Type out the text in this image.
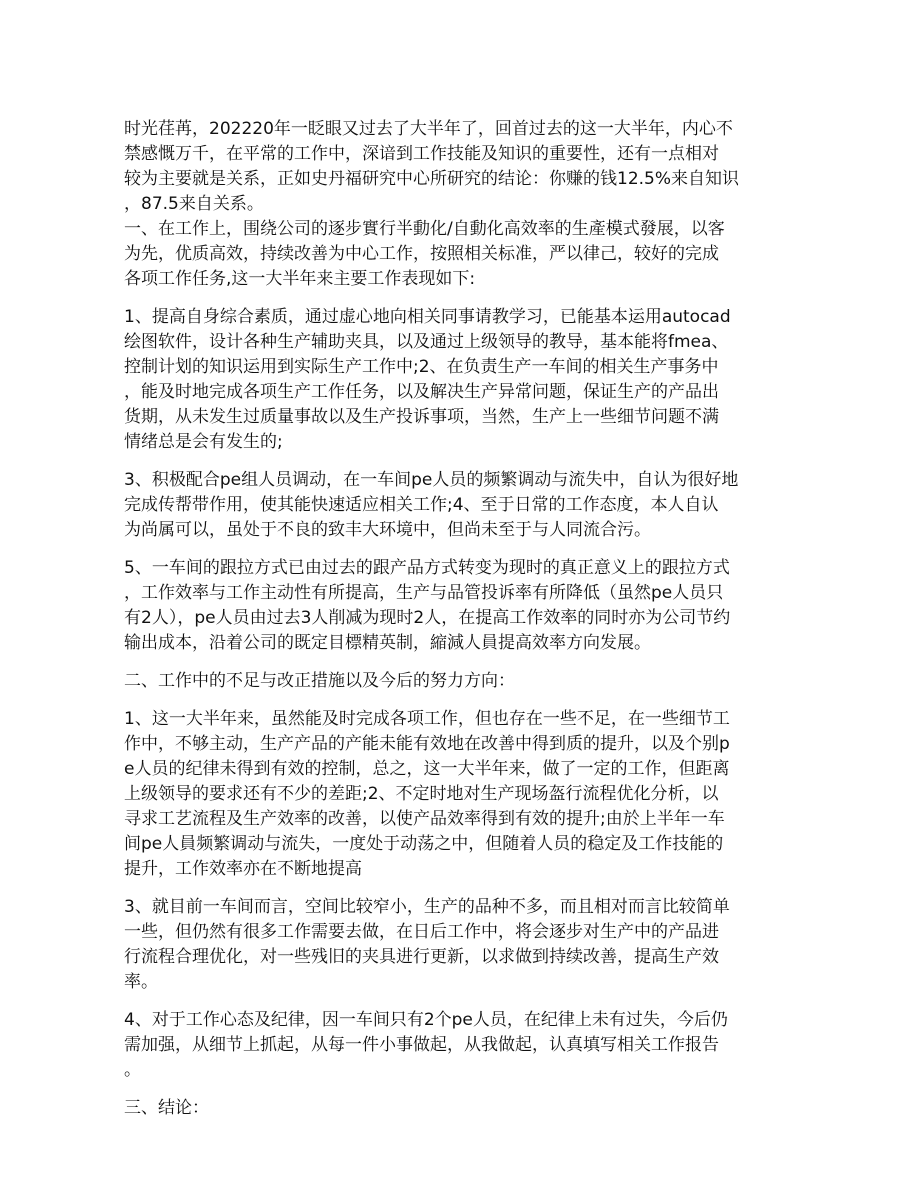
时光荏苒，202220年一眨眼又过去了大半年了，回首过去的这一大半年，内心不
禁感慨万千，在平常的工作中，深谙到工作技能及知识的重要性，还有一点相对
较为主要就是关系，正如史丹福研究中心所研究的结论：你赚的钱12.5%来自知识
，87.5来自关系。

一、在工作上，围绕公司的逐步實行半動化/自動化高效率的生產模式發展，以客
为先，优质高效，持续改善为中心工作，按照相关标准，严以律己，较好的完成
各项工作任务,这一大半年来主要工作表现如下:

1、提高自身综合素质，通过虚心地向相关同事请教学习，已能基本运用autocad
绘图软件，设计各种生产辅助夹具，以及通过上级领导的教导，基本能将fmea、
控制计划的知识运用到实际生产工作中;2、在负责生产一车间的相关生产事务中
，能及时地完成各项生产工作任务，以及解决生产异常问题，保证生产的产品出
货期，从未发生过质量事故以及生产投诉事项，当然，生产上一些细节问题不满
情绪总是会有发生的;

3、积极配合pe组人员调动，在一车间pe人员的频繁调动与流失中，自认为很好地
完成传帮带作用，使其能快速适应相关工作;4、至于日常的工作态度，本人自认
为尚属可以，虽处于不良的致丰大环境中，但尚未至于与人同流合污。

5、一车间的跟拉方式已由过去的跟产品方式转变为现时的真正意义上的跟拉方式
，工作效率与工作主动性有所提高，生产与品管投诉率有所降低（虽然pe人员只
有2人），pe人员由过去3人削减为现时2人，在提高工作效率的同时亦为公司节约
输出成本，沿着公司的既定目標精英制，縮減人員提高效率方向发展。

二、工作中的不足与改正措施以及今后的努力方向：

1、这一大半年来，虽然能及时完成各项工作，但也存在一些不足，在一些细节工
作中，不够主动，生产产品的产能未能有效地在改善中得到质的提升，以及个别p
e人员的纪律未得到有效的控制，总之，这一大半年来，做了一定的工作，但距离
上级领导的要求还有不少的差距;2、不定时地对生产现场盔行流程优化分析，以
寻求工艺流程及生产效率的改善，以使产品效率得到有效的提升;由於上半年一车
间pe人員频繁调动与流失，一度处于动荡之中，但随着人员的稳定及工作技能的
提升，工作效率亦在不断地提高

3、就目前一车间而言，空间比较窄小，生产的品种不多，而且相对而言比较简单
一些，但仍然有很多工作需要去做，在日后工作中，将会逐步对生产中的产品进
行流程合理优化，对一些残旧的夹具进行更新，以求做到持续改善，提高生产效
率。

4、对于工作心态及纪律，因一车间只有2个pe人员，在纪律上未有过失，今后仍
需加强，从细节上抓起，从每一件小事做起，从我做起，认真填写相关工作报告
。

三、结论：
